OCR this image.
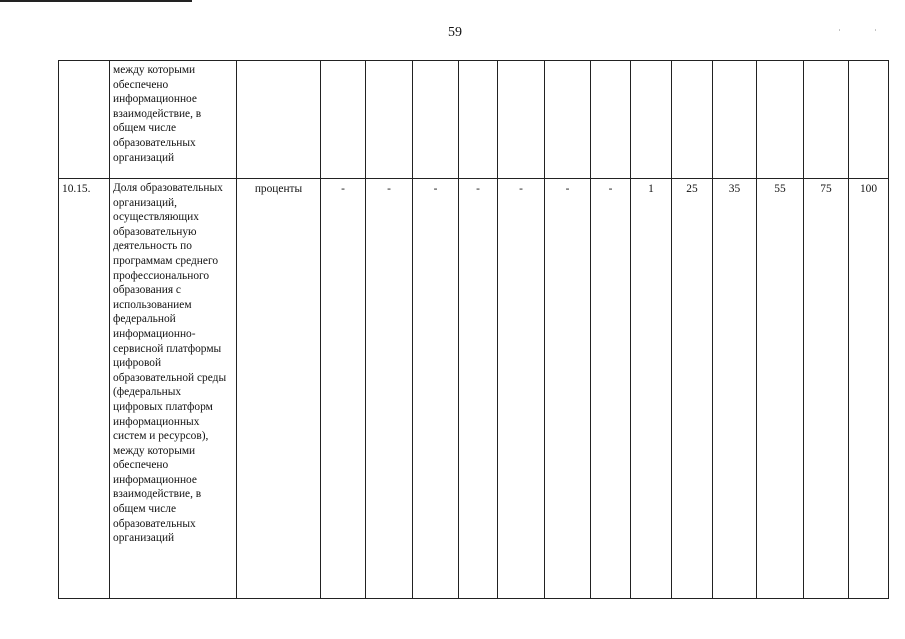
59	˙	˙
	между которыми обеспечено информационное взаимодействие, в общем числе образовательных организаций														
10.15.	Доля образовательных организаций, осуществляющих образовательную деятельность по программам среднего профессионального образования с использованием федеральной информационно-сервисной платформы цифровой образовательной среды (федеральных цифровых платформ информационных систем и ресурсов), между которыми обеспечено информационное взаимодействие, в общем числе образовательных организаций	проценты	-	-	-	-	-	-	-	1	25	35	55	75	100
